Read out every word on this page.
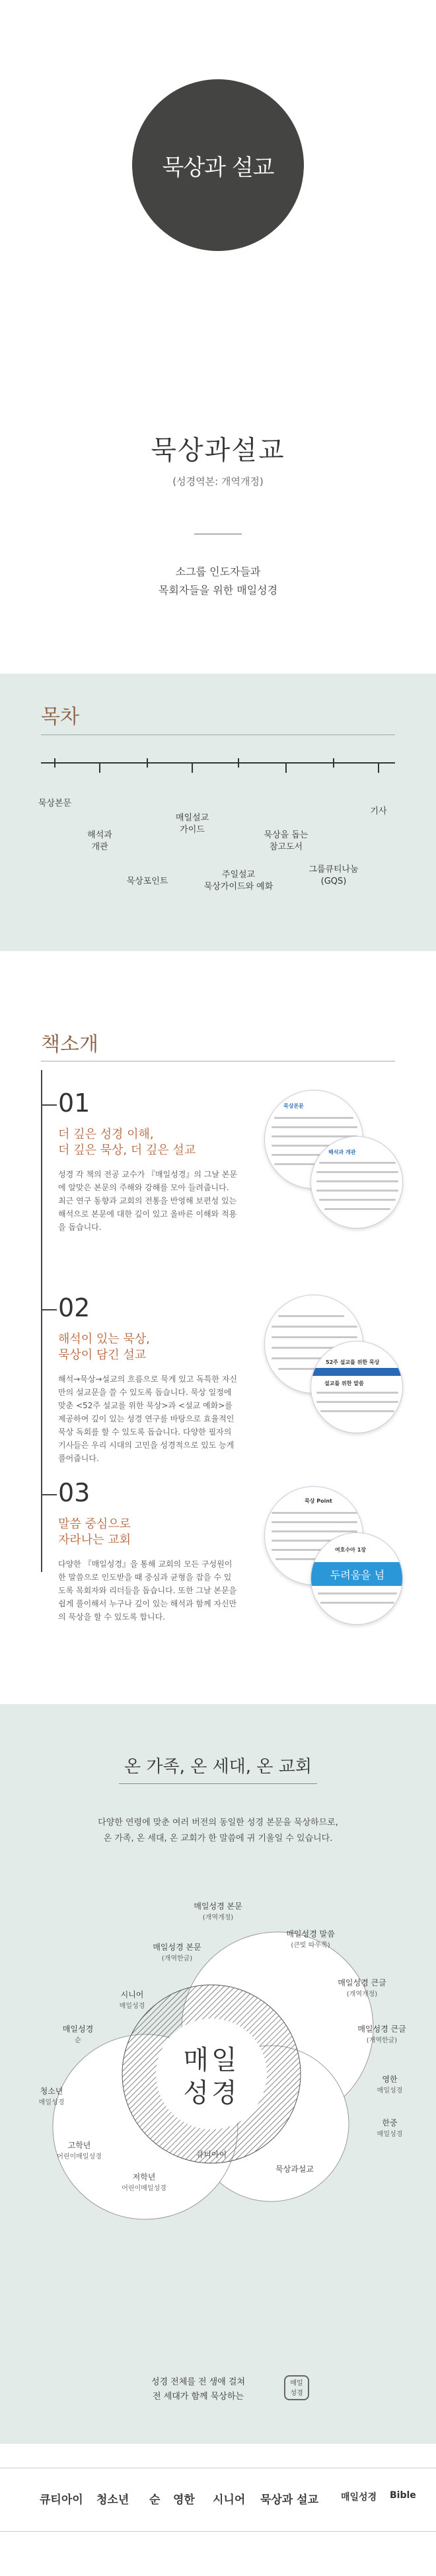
묵상과 설교
묵상과설교
(성경역본: 개역개정)
소그룹 인도자들과
목회자들을 위한 매일성경
목차
묵상본문
해석과
개관
묵상포인트
매일설교
가이드
주일설교
묵상가이드와 예화
묵상을 돕는
참고도서
그룹큐티나눔
(GQS)
기사
책소개
01
더 깊은 성경 이해,
더 깊은 묵상, 더 깊은 설교
성경 각 책의 전공 교수가 『매일성경』의 그날 본문에 알맞은 본문의 주해와 강해를 모아 들려줍니다. 최근 연구 동향과 교회의 전통을 반영해 보편성 있는 해석으로 본문에 대한 깊이 있고 올바른 이해와 적용을 돕습니다.
묵상본문
해석과 개관
02
해석이 있는 묵상,
묵상이 담긴 설교
해석→묵상→설교의 흐름으로 묵게 있고 독특한 자신만의 설교문을 쓸 수 있도록 돕습니다. 묵상 일정에 맞춘 <52주 설교를 위한 묵상>과 <설교 예화>를 제공하여 깊이 있는 성경 연구를 바탕으로 효율적인 묵상 독회를 할 수 있도록 돕습니다. 다양한 필자의 기사들은 우리 시대의 고민을 성경적으로 있도 능게 풀어줍니다.
52주 설교를 위한 묵상
설교를 위한 말씀
03
말씀 중심으로
자라나는 교회
다양한 『매일성경』을 통해 교회의 모든 구성원이 한 말씀으로 인도받을 때 중심과 균형을 잡을 수 있도록 목회자와 리더들을 돕습니다. 또한 그날 본문을 쉽게 풀이해서 누구나 깊이 있는 해석과 함께 자신만의 묵상을 할 수 있도록 합니다.
묵상 Point
여호수아 1장
두려움을 넘
온 가족, 온 세대, 온 교회
다양한 연령에 맞춘 여러 버전의 동일한 성경 본문을 묵상하므로,
온 가족, 온 세대, 온 교회가 한 말씀에 귀 기울일 수 있습니다.
매일
성경
매일성경 본문
(개역개정)
매일성경 말씀
(큰빛 따우쪽)
매일성경 큰글
(개역개정)
매일성경 큰글
(개역한글)
영한
매일성경
한중
매일성경
묵상과설교
큐티아이
저학년
어린이매일성경
고학년
어린이매일성경
청소년
매일성경
매일성경
순
시니어
매일성경
매일성경 본문
(개역한글)
성경 전체를 전 생애 걸쳐
전 세대가 함께 묵상하는
매일
성경
큐티아이 청소년 순 영한 시니어 묵상과 설교 매일성경 Bible
